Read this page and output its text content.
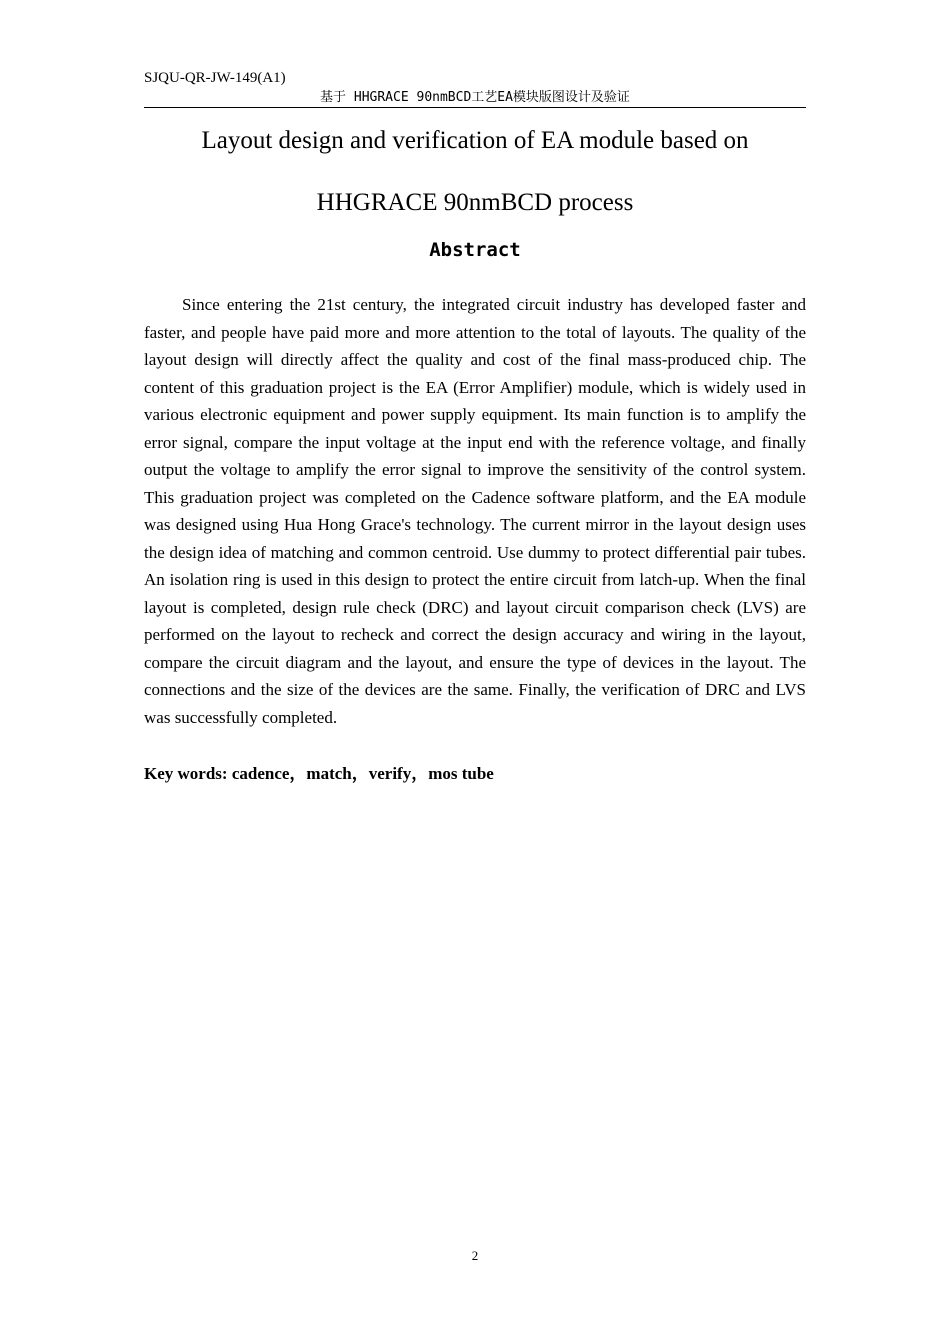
SJQU-QR-JW-149(A1)
基于 HHGRACE 90nmBCD工艺EA模块版图设计及验证
Layout design and verification of EA module based on
HHGRACE 90nmBCD process
Abstract

Since entering the 21st century, the integrated circuit industry has developed faster and faster, and people have paid more and more attention to the total of layouts. The quality of the layout design will directly affect the quality and cost of the final mass-produced chip. The content of this graduation project is the EA (Error Amplifier) module, which is widely used in various electronic equipment and power supply equipment. Its main function is to amplify the error signal, compare the input voltage at the input end with the reference voltage, and finally output the voltage to amplify the error signal to improve the sensitivity of the control system. This graduation project was completed on the Cadence software platform, and the EA module was designed using Hua Hong Grace's technology. The current mirror in the layout design uses the design idea of matching and common centroid. Use dummy to protect differential pair tubes. An isolation ring is used in this design to protect the entire circuit from latch-up. When the final layout is completed, design rule check (DRC) and layout circuit comparison check (LVS) are performed on the layout to recheck and correct the design accuracy and wiring in the layout, compare the circuit diagram and the layout, and ensure the type of devices in the layout. The connections and the size of the devices are the same. Finally, the verification of DRC and LVS was successfully completed.

Key words: cadence，match，verify，mos tube
2
